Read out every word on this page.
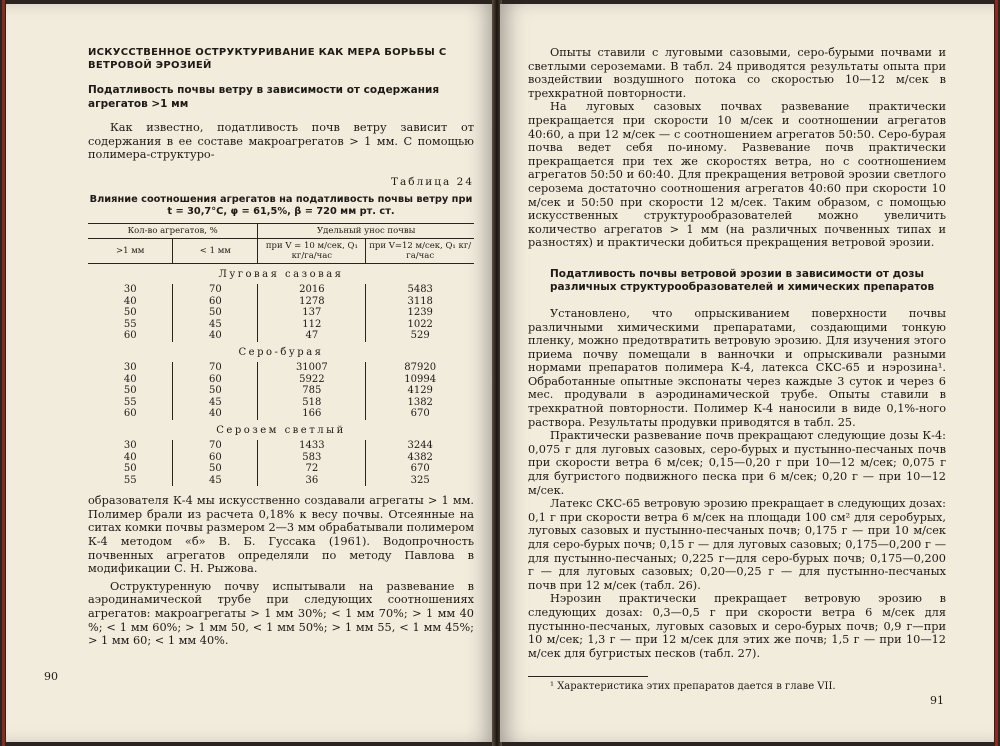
ИСКУССТВЕННОЕ ОСТРУКТУРИВАНИЕ КАК МЕРА БОРЬБЫ С ВЕТРОВОЙ ЭРОЗИЕЙ
Податливость почвы ветру в зависимости от содержания агрегатов >1 мм

Как известно, податливость почв ветру зависит от содержания в ее составе макроагрегатов > 1 мм. С помощью полимера-структуро-

Таблица 24
Влияние соотношения агрегатов на податливость почвы ветру при t = 30,7°С, φ = 61,5%, β = 720 мм рт. ст.
Кол-во агрегатов, %		Удельный унос почвы	
>1 мм	< 1 мм	при V = 10 м/сек, Q₁ кг/га/час	при V=12 м/сек, Q₁ кг/га/час
Луговая сазовая			
30	70	2016	5483
40	60	1278	3118
50	50	137	1239
55	45	112	1022
60	40	47	529
Серо-бурая			
30	70	31007	87920
40	60	5922	10994
50	50	785	4129
55	45	518	1382
60	40	166	670
Серозем светлый			
30	70	1433	3244
40	60	583	4382
50	50	72	670
55	45	36	325

образователя К-4 мы искусственно создавали агрегаты > 1 мм. Полимер брали из расчета 0,18% к весу почвы. Отсеянные на ситах комки почвы размером 2—3 мм обрабатывали полимером К-4 методом «б» В. Б. Гуссака (1961). Водопрочность почвенных агрегатов определяли по методу Павлова в модификации С. Н. Рыжова.

Оструктуренную почву испытывали на развевание в аэродинамической трубе при следующих соотношениях агрегатов: макроагрегаты > 1 мм 30%; < 1 мм 70%; > 1 мм 40 %; < 1 мм 60%; > 1 мм 50, < 1 мм 50%; > 1 мм 55, < 1 мм 45%; > 1 мм 60; < 1 мм 40%.

90

Опыты ставили с луговыми сазовыми, серо-бурыми почвами и светлыми сероземами. В табл. 24 приводятся результаты опыта при воздействии воздушного потока со скоростью 10—12 м/сек в трехкратной повторности.

На луговых сазовых почвах развевание практически прекращается при скорости 10 м/сек и соотношении агрегатов 40:60, а при 12 м/сек — с соотношением агрегатов 50:50. Серо-бурая почва ведет себя по-иному. Развевание почв практически прекращается при тех же скоростях ветра, но с соотношением агрегатов 50:50 и 60:40. Для прекращения ветровой эрозии светлого серозема достаточно соотношения агрегатов 40:60 при скорости 10 м/сек и 50:50 при скорости 12 м/сек. Таким образом, с помощью искусственных структурообразователей можно увеличить количество агрегатов > 1 мм (на различных почвенных типах и разностях) и практически добиться прекращения ветровой эрозии.

Податливость почвы ветровой эрозии в зависимости от дозы различных структурообразователей и химических препаратов

Установлено, что опрыскиванием поверхности почвы различными химическими препаратами, создающими тонкую пленку, можно предотвратить ветровую эрозию. Для изучения этого приема почву помещали в ванночки и опрыскивали разными нормами препаратов полимера К-4, латекса СКС-65 и нэрозина¹. Обработанные опытные экспонаты через каждые 3 суток и через 6 мес. продували в аэродинамической трубе. Опыты ставили в трехкратной повторности. Полимер К-4 наносили в виде 0,1%-ного раствора. Результаты продувки приводятся в табл. 25.

Практически развевание почв прекращают следующие дозы К-4: 0,075 г для луговых сазовых, серо-бурых и пустынно-песчаных почв при скорости ветра 6 м/сек; 0,15—0,20 г при 10—12 м/сек; 0,075 г для бугристого подвижного песка при 6 м/сек; 0,20 г — при 10—12 м/сек.

Латекс СКС-65 ветровую эрозию прекращает в следующих дозах: 0,1 г при скорости ветра 6 м/сек на площади 100 см² для серобурых, луговых сазовых и пустынно-песчаных почв; 0,175 г — при 10 м/сек для серо-бурых почв; 0,15 г — для луговых сазовых; 0,175—0,200 г — для пустынно-песчаных; 0,225 г—для серо-бурых почв; 0,175—0,200 г — для луговых сазовых; 0,20—0,25 г — для пустынно-песчаных почв при 12 м/сек (табл. 26).

Нэрозин практически прекращает ветровую эрозию в следующих дозах: 0,3—0,5 г при скорости ветра 6 м/сек для пустынно-песчаных, луговых сазовых и серо-бурых почв; 0,9 г—при 10 м/сек; 1,3 г — при 12 м/сек для этих же почв; 1,5 г — при 10—12 м/сек для бугристых песков (табл. 27).

¹ Характеристика этих препаратов дается в главе VII.

91
